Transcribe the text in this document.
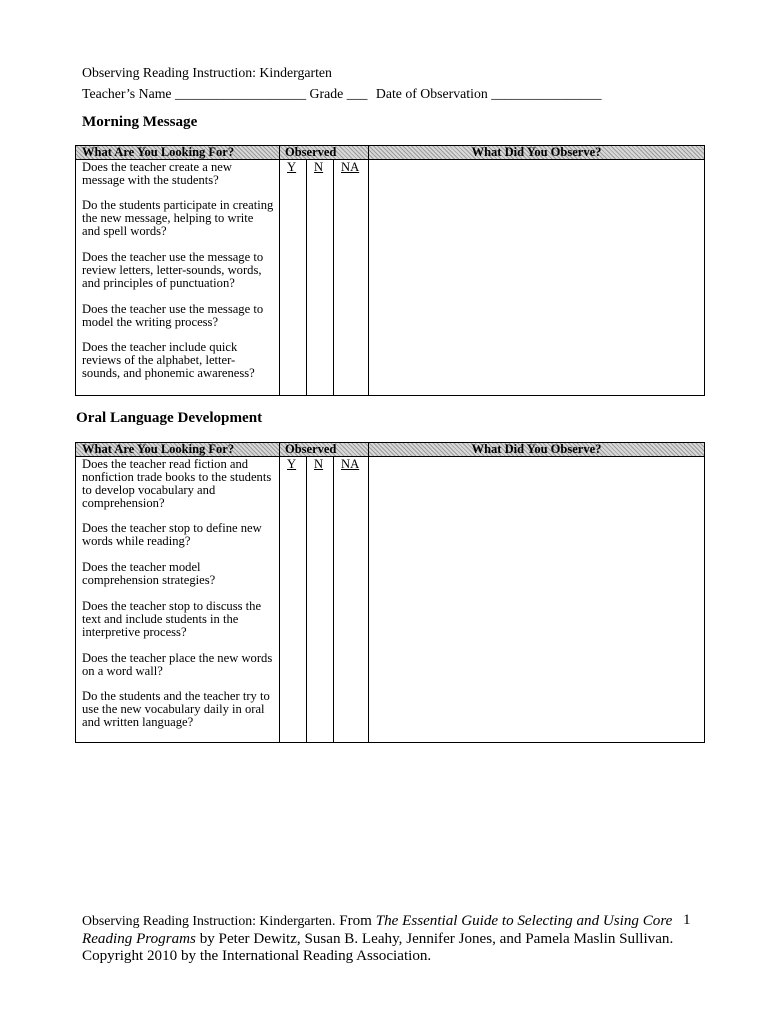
Observing Reading Instruction: Kindergarten
Teacher’s Name ___________________ Grade ___ Date of Observation ________________
Morning Message
What Are You Looking For?	Observed	What Did You Observe?
Y N NA
Does the teacher create a new
message with the students?
Do the students participate in creating
the new message, helping to write
and spell words?
Does the teacher use the message to
review letters, letter-sounds, words,
and principles of punctuation?
Does the teacher use the message to
model the writing process?
Does the teacher include quick
reviews of the alphabet, letter-
sounds, and phonemic awareness?
Oral Language Development
What Are You Looking For?	Observed	What Did You Observe?
Y N NA
Does the teacher read fiction and
nonfiction trade books to the students
to develop vocabulary and
comprehension?
Does the teacher stop to define new
words while reading?
Does the teacher model
comprehension strategies?
Does the teacher stop to discuss the
text and include students in the
interpretive process?
Does the teacher place the new words
on a word wall?
Do the students and the teacher try to
use the new vocabulary daily in oral
and written language?
Observing Reading Instruction: Kindergarten. From The Essential Guide to Selecting and Using Core 1
Reading Programs by Peter Dewitz, Susan B. Leahy, Jennifer Jones, and Pamela Maslin Sullivan.
Copyright 2010 by the International Reading Association.
